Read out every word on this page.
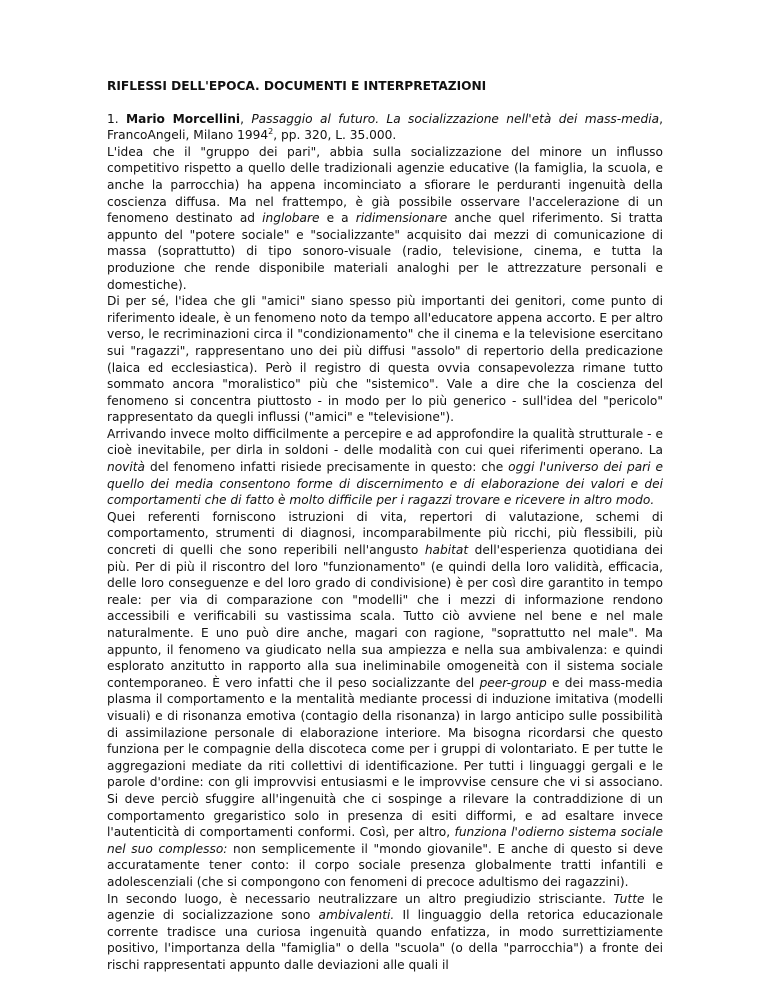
RIFLESSI DELL'EPOCA. DOCUMENTI E INTERPRETAZIONI

1. Mario Morcellini, Passaggio al futuro. La socializzazione nell'età dei mass-media, FrancoAngeli, Milano 1994$^2$, pp. 320, L. 35.000.

L'idea che il "gruppo dei pari", abbia sulla socializzazione del minore un influsso competitivo rispetto a quello delle tradizionali agenzie educative (la famiglia, la scuola, e anche la parrocchia) ha appena incominciato a sfiorare le perduranti ingenuità della coscienza diffusa. Ma nel frattempo, è già possibile osservare l'accelerazione di un fenomeno destinato ad inglobare e a ridimensionare anche quel riferimento. Si tratta appunto del "potere sociale" e "socializzante" acquisito dai mezzi di comunicazione di massa (soprattutto) di tipo sonoro-visuale (radio, televisione, cinema, e tutta la produzione che rende disponibile materiali analoghi per le attrezzature personali e domestiche).

Di per sé, l'idea che gli "amici" siano spesso più importanti dei genitori, come punto di riferimento ideale, è un fenomeno noto da tempo all'educatore appena accorto. E per altro verso, le recriminazioni circa il "condizionamento" che il cinema e la televisione esercitano sui "ragazzi", rappresentano uno dei più diffusi "assolo" di repertorio della predicazione (laica ed ecclesiastica). Però il registro di questa ovvia consapevolezza rimane tutto sommato ancora "moralistico" più che "sistemico". Vale a dire che la coscienza del fenomeno si concentra piuttosto - in modo per lo più generico - sull'idea del "pericolo" rappresentato da quegli influssi ("amici" e "televisione").

Arrivando invece molto difficilmente a percepire e ad approfondire la qualità strutturale - e cioè inevitabile, per dirla in soldoni - delle modalità con cui quei riferimenti operano. La novità del fenomeno infatti risiede precisamente in questo: che oggi l'universo dei pari e quello dei media consentono forme di discernimento e di elaborazione dei valori e dei comportamenti che di fatto è molto difficile per i ragazzi trovare e ricevere in altro modo.

Quei referenti forniscono istruzioni di vita, repertori di valutazione, schemi di comportamento, strumenti di diagnosi, incomparabilmente più ricchi, più flessibili, più concreti di quelli che sono reperibili nell'angusto habitat dell'esperienza quotidiana dei più. Per di più il riscontro del loro "funzionamento" (e quindi della loro validità, efficacia, delle loro conseguenze e del loro grado di condivisione) è per così dire garantito in tempo reale: per via di comparazione con "modelli" che i mezzi di informazione rendono accessibili e verificabili su vastissima scala. Tutto ciò avviene nel bene e nel male naturalmente. E uno può dire anche, magari con ragione, "soprattutto nel male". Ma appunto, il fenomeno va giudicato nella sua ampiezza e nella sua ambivalenza: e quindi esplorato anzitutto in rapporto alla sua ineliminabile omogeneità con il sistema sociale contemporaneo. È vero infatti che il peso socializzante del peer-group e dei mass-media plasma il comportamento e la mentalità mediante processi di induzione imitativa (modelli visuali) e di risonanza emotiva (contagio della risonanza) in largo anticipo sulle possibilità di assimilazione personale di elaborazione interiore. Ma bisogna ricordarsi che questo funziona per le compagnie della discoteca come per i gruppi di volontariato. E per tutte le aggregazioni mediate da riti collettivi di identificazione. Per tutti i linguaggi gergali e le parole d'ordine: con gli improvvisi entusiasmi e le improvvise censure che vi si associano. Si deve perciò sfuggire all'ingenuità che ci sospinge a rilevare la contraddizione di un comportamento gregaristico solo in presenza di esiti difformi, e ad esaltare invece l'autenticità di comportamenti conformi. Così, per altro, funziona l'odierno sistema sociale nel suo complesso: non semplicemente il "mondo giovanile". E anche di questo si deve accuratamente tener conto: il corpo sociale presenza globalmente tratti infantili e adolescenziali (che si compongono con fenomeni di precoce adultismo dei ragazzini).

In secondo luogo, è necessario neutralizzare un altro pregiudizio strisciante. Tutte le agenzie di socializzazione sono ambivalenti. Il linguaggio della retorica educazionale corrente tradisce una curiosa ingenuità quando enfatizza, in modo surrettiziamente positivo, l'importanza della "famiglia" o della "scuola" (o della "parrocchia") a fronte dei rischi rappresentati appunto dalle deviazioni alle quali il
